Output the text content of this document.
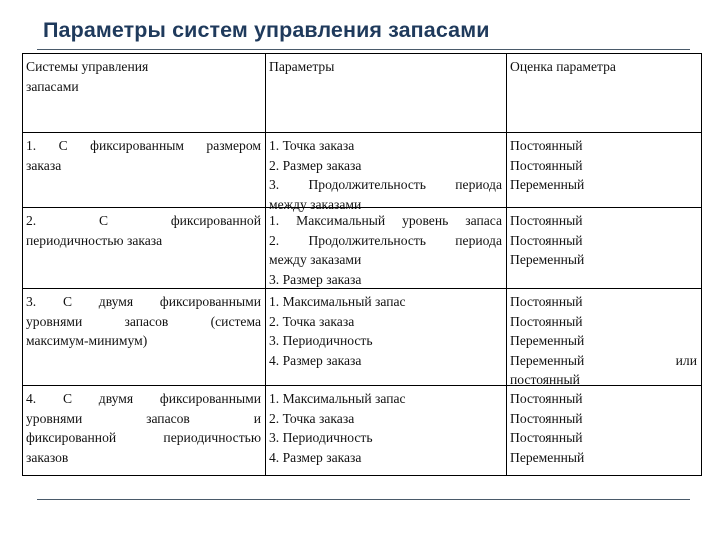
Параметры систем управления запасами
Системы управления
запасами
Параметры	Оценка параметра
1. С фиксированным размером
заказа
1. Точка заказа
2. Размер заказа
3. Продолжительность периода
между заказами
Постоянный
Постоянный
Переменный
2. С фиксированной
периодичностью заказа
1. Максимальный уровень запаса
2. Продолжительность периода
между заказами
3. Размер заказа
Постоянный
Постоянный
Переменный
3. С двумя фиксированными
уровнями запасов (система
максимум-минимум)
1. Максимальный запас
2. Точка заказа
3. Периодичность
4. Размер заказа
Постоянный
Постоянный
Переменный
Переменный или
постоянный
4. С двумя фиксированными
уровнями запасов и
фиксированной периодичностью
заказов
1. Максимальный запас
2. Точка заказа
3. Периодичность
4. Размер заказа
Постоянный
Постоянный
Постоянный
Переменный
